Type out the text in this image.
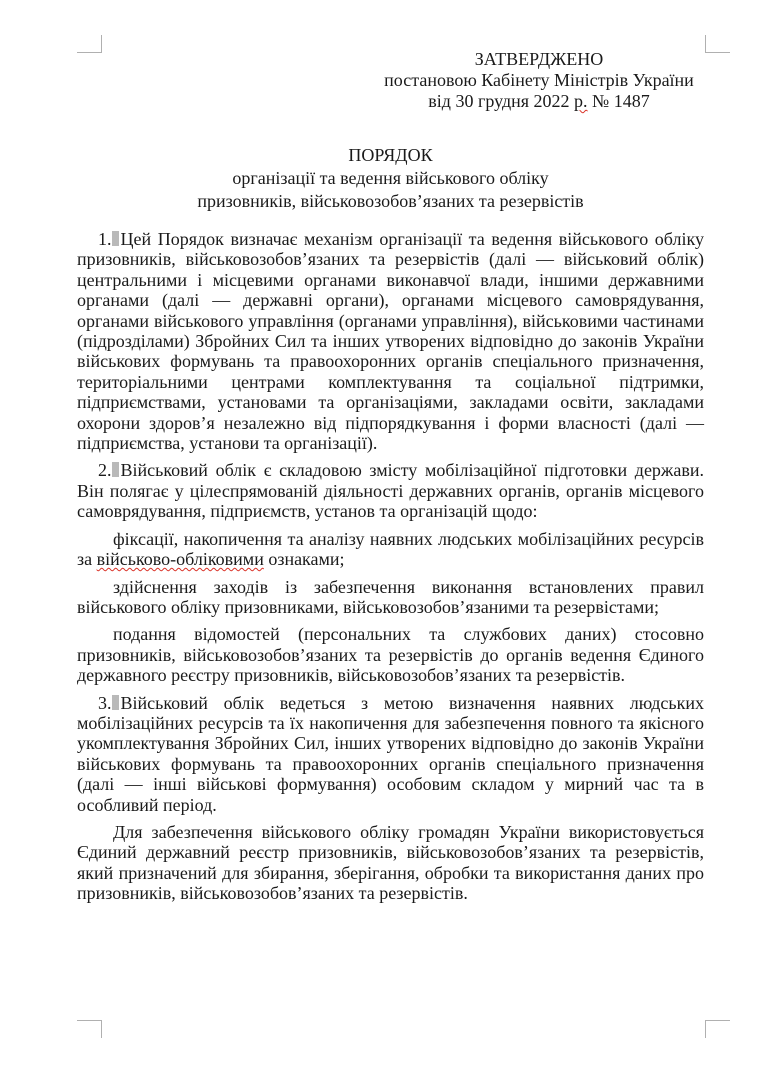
ЗАТВЕРДЖЕНО
постановою Кабінету Міністрів України
від 30 грудня 2022 р. № 1487
ПОРЯДОК
організації та ведення військового обліку
призовників, військовозобов’язаних та резервістів

1. Цей Порядок визначає механізм організації та ведення військового обліку призовників, військовозобов’язаних та резервістів (далі — військовий облік) центральними і місцевими органами виконавчої влади, іншими державними органами (далі — державні органи), органами місцевого самоврядування, органами військового управління (органами управління), військовими частинами (підрозділами) Збройних Сил та інших утворених відповідно до законів України військових формувань та правоохоронних органів спеціального призначення, територіальними центрами комплектування та соціальної підтримки, підприємствами, установами та організаціями, закладами освіти, закладами охорони здоров’я незалежно від підпорядкування і форми власності (далі — підприємства, установи та організації).

2. Військовий облік є складовою змісту мобілізаційної підготовки держави. Він полягає у цілеспрямованій діяльності державних органів, органів місцевого самоврядування, підприємств, установ та організацій щодо:

фіксації, накопичення та аналізу наявних людських мобілізаційних ресурсів за військово-обліковими ознаками;

здійснення заходів із забезпечення виконання встановлених правил військового обліку призовниками, військовозобов’язаними та резервістами;

подання відомостей (персональних та службових даних) стосовно призовників, військовозобов’язаних та резервістів до органів ведення Єдиного державного реєстру призовників, військовозобов’язаних та резервістів.

3. Військовий облік ведеться з метою визначення наявних людських мобілізаційних ресурсів та їх накопичення для забезпечення повного та якісного укомплектування Збройних Сил, інших утворених відповідно до законів України військових формувань та правоохоронних органів спеціального призначення (далі — інші військові формування) особовим складом у мирний час та в особливий період.

Для забезпечення військового обліку громадян України використовується Єдиний державний реєстр призовників, військовозобов’язаних та резервістів, який призначений для збирання, зберігання, обробки та використання даних про призовників, військовозобов’язаних та резервістів.
